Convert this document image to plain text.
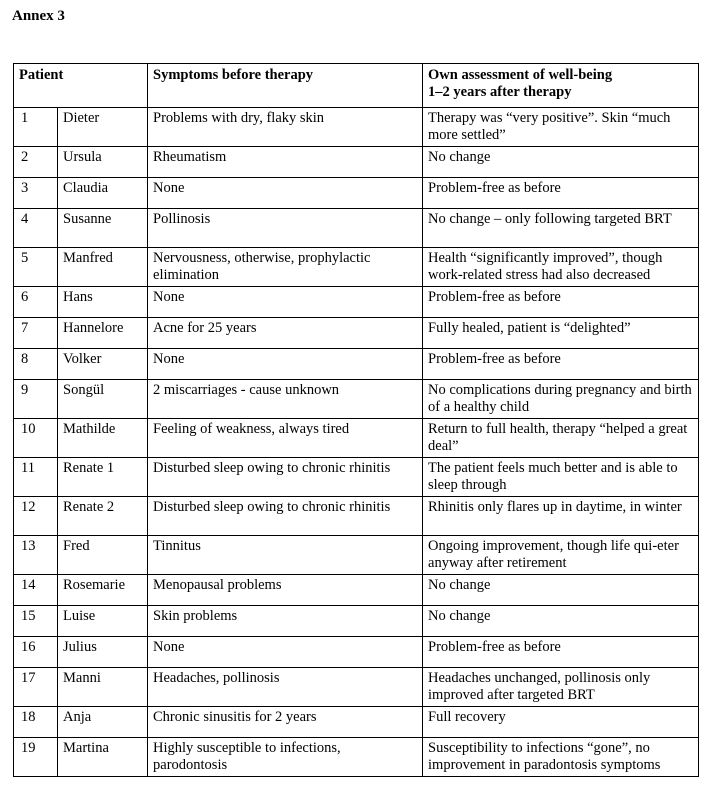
Annex 3
Patient		Symptoms before therapy	Own assessment of well-being
1–2 years after therapy

1	Dieter	Problems with dry, flaky skin	Therapy was “very positive”. Skin “much more settled”
2	Ursula	Rheumatism	No change
3	Claudia	None	Problem-free as before
4	Susanne	Pollinosis	No change – only following targeted BRT
5	Manfred	Nervousness, otherwise, prophylactic elimination	Health “significantly improved”, though work-related stress had also decreased
6	Hans	None	Problem-free as before
7	Hannelore	Acne for 25 years	Fully healed, patient is “delighted”
8	Volker	None	Problem-free as before
9	Songül	2 miscarriages - cause unknown	No complications during pregnancy and birth of a healthy child
10	Mathilde	Feeling of weakness, always tired	Return to full health, therapy “helped a great deal”
11	Renate 1	Disturbed sleep owing to chronic rhinitis	The patient feels much better and is able to sleep through
12	Renate 2	Disturbed sleep owing to chronic rhinitis	Rhinitis only flares up in daytime, in winter
13	Fred	Tinnitus	Ongoing improvement, though life qui-eter anyway after retirement
14	Rosemarie	Menopausal problems	No change
15	Luise	Skin problems	No change
16	Julius	None	Problem-free as before
17	Manni	Headaches, pollinosis	Headaches unchanged, pollinosis only improved after targeted BRT
18	Anja	Chronic sinusitis for 2 years	Full recovery
19	Martina	Highly susceptible to infections, parodontosis	Susceptibility to infections “gone”, no improvement in paradontosis symptoms
